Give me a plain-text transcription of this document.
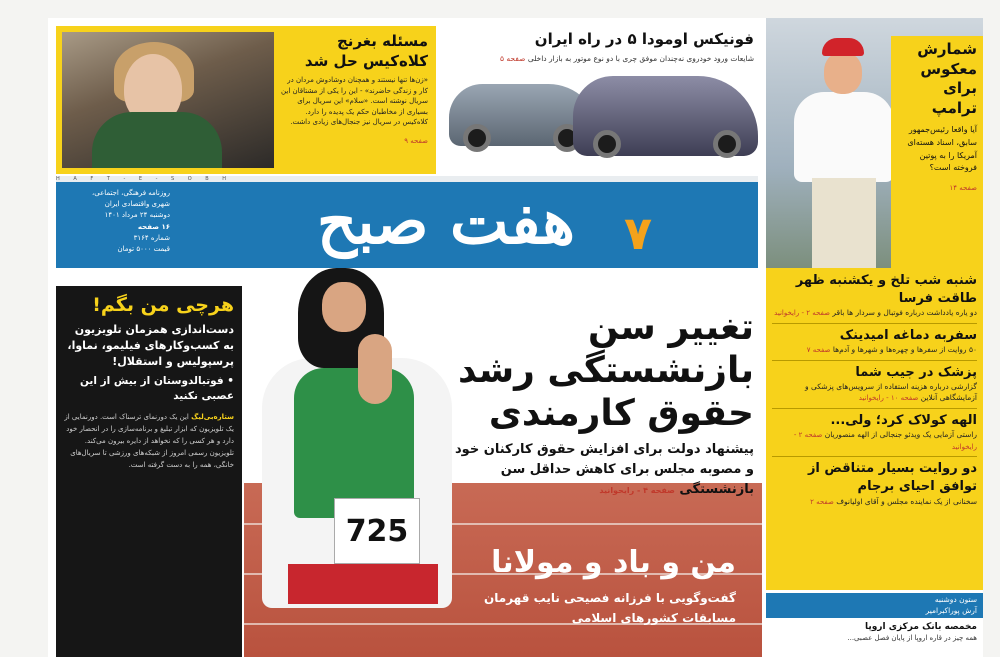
مسئله بغرنج
کلاه‌کیس حل شد

«زن‌ها تنها نیستند و همچنان دوشادوش مردان در کار و زندگی حاضرند» - این را یکی از مشتاقان این سریال نوشته است. «سلام» این سریال برای بسیاری از مخاطبان حکم یک پدیده را دارد. کلاه‌کیس در سریال نیز جنجال‌های زیادی داشت.

صفحه ۹
فونیکس اومودا ۵ در راه ایران

شایعات ورود خودروی نه‌چندان موفق چری با دو نوع موتور به بازار داخلی صفحه ۵

شمارش معکوس برای ترامپ

آیا واقعا رئیس‌جمهور سابق، اسناد هسته‌ای آمریکا را به پوتین فروخته است؟

صفحه ۱۴
H A F T - E - S O B H
روزنامه فرهنگی، اجتماعی،
شهری واقتصادی ایران
دوشنبه ۲۴ مرداد ۱۴۰۱
۱۶ صفحه
شماره ۳۱۶۴
قیمت ۵۰۰۰ تومان	هفت صبح	۷
725
تغییر سن بازنشستگی رشد حقوق کارمندی
پیشنهاد دولت برای افزایش حقوق کارکنان خود و مصوبه مجلس برای کاهش حداقل سن بازنشستگی صفحه ۴ - رایحوانید
من و باد و مولانا

گفت‌وگویی با فرزانه فصیحی نایب قهرمان مسابقات کشورهای اسلامی

هرچی من بگم!
دست‌اندازی همزمان تلویزیون به کسب‌وکارهای فیلیمو، نماوا، پرسپولیس و استقلال!
• فوتبالدوستان از بیش از این عصبی نکنید
ستاره‌بی‌لیگ این یک دورنمای ترسناک است. دورنمایی از یک تلویزیون که ابزار تبلیغ و برنامه‌سازی را در انحصار خود دارد و هر کسی را که نخواهد از دایره بیرون می‌کند. تلویزیون رسمی امروز از شبکه‌های ورزشی تا سریال‌های خانگی، همه را به دست گرفته است.
شنبه شب تلخ و یکشنبه ظهر طاقت فرسا

دو یاره یادداشت درباره فوتبال و سردار ها باقر صفحه ۲ - رایخوانید

سفربه دماغه امیدینک

۵۰ روایت از سفرها و چهره‌ها و شهرها و آدم‌ها صفحه ۷

پزشک در جیب شما

گزارشی درباره هزینه استفاده از سرویس‌های پزشکی و آزمایشگاهی آنلاین صفحه ۱۰ - رایخوانید

الهه کولاک کرد؛ ولی...

راستی آزمایی یک ویدئو جنجالی از الهه منصوریان صفحه ۲ - رایخوانید

دو روایت بسیار متناقض از توافق احیای برجام

سخنانی از یک نماینده مجلس و آقای اولیانوف صفحه ۲

ستون دوشنبه
آرش پوراکبرامیر
مخمصه بانک مرکزی اروپا

همه چیز در قاره اروپا از پایان فصل عصبی...
